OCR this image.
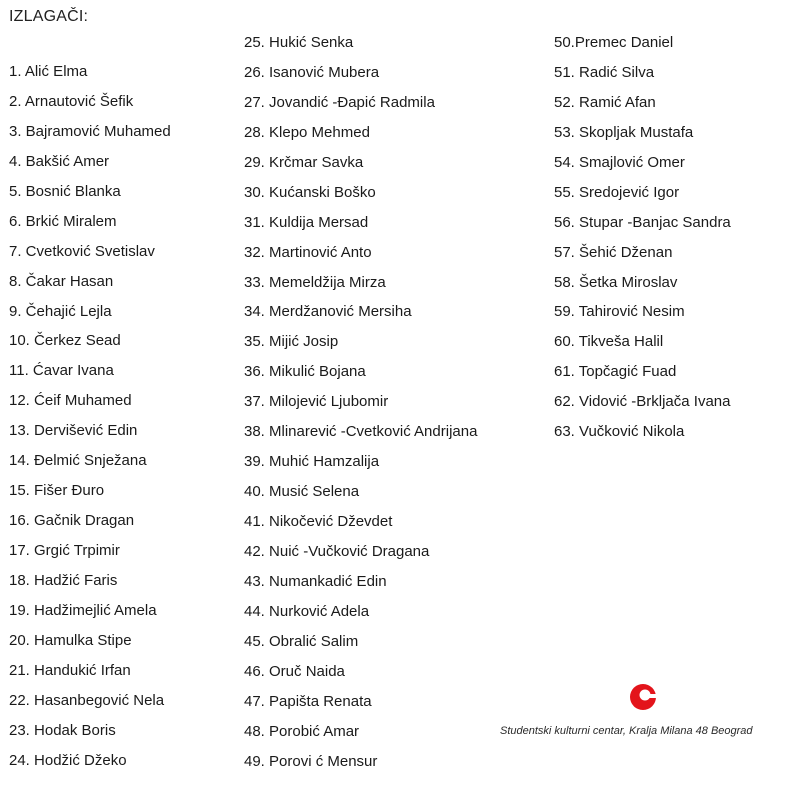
IZLAGAČI:
1. Alić Elma
2. Arnautović Šefik
3. Bajramović Muhamed
4. Bakšić Amer
5. Bosnić Blanka
6. Brkić Miralem
7. Cvetković Svetislav
8. Čakar Hasan
9. Čehajić Lejla
10. Čerkez Sead
11. Ćavar Ivana
12. Ćeif Muhamed
13. Dervišević Edin
14. Đelmić Snježana
15. Fišer Đuro
16. Gačnik Dragan
17. Grgić Trpimir
18. Hadžić Faris
19. Hadžimejlić Amela
20. Hamulka Stipe
21. Handukić Irfan
22. Hasanbegović Nela
23. Hodak Boris
24. Hodžić Džeko
25. Hukić Senka
26. Isanović Mubera
27. Jovandić -Đapić Radmila
28. Klepo Mehmed
29. Krčmar Savka
30. Kućanski Boško
31. Kuldija Mersad
32. Martinović Anto
33. Memeldžija Mirza
34. Merdžanović Mersiha
35. Mijić Josip
36. Mikulić Bojana
37. Milojević Ljubomir
38. Mlinarević -Cvetković Andrijana
39. Muhić Hamzalija
40. Musić Selena
41. Nikočević Dževdet
42. Nuić -Vučković Dragana
43. Numankadić Edin
44. Nurković Adela
45. Obralić Salim
46. Oruč Naida
47. Papišta Renata
48. Porobić Amar
49. Porovi ć Mensur
50.Premec Daniel
51. Radić Silva
52. Ramić Afan
53. Skopljak Mustafa
54. Smajlović Omer
55. Sredojević Igor
56. Stupar -Banjac Sandra
57. Šehić Dženan
58. Šetka Miroslav
59. Tahirović Nesim
60. Tikveša Halil
61. Topčagić Fuad
62. Vidović -Brkljača Ivana
63. Vučković Nikola
Studentski kulturni centar, Kralja Milana 48 Beograd
